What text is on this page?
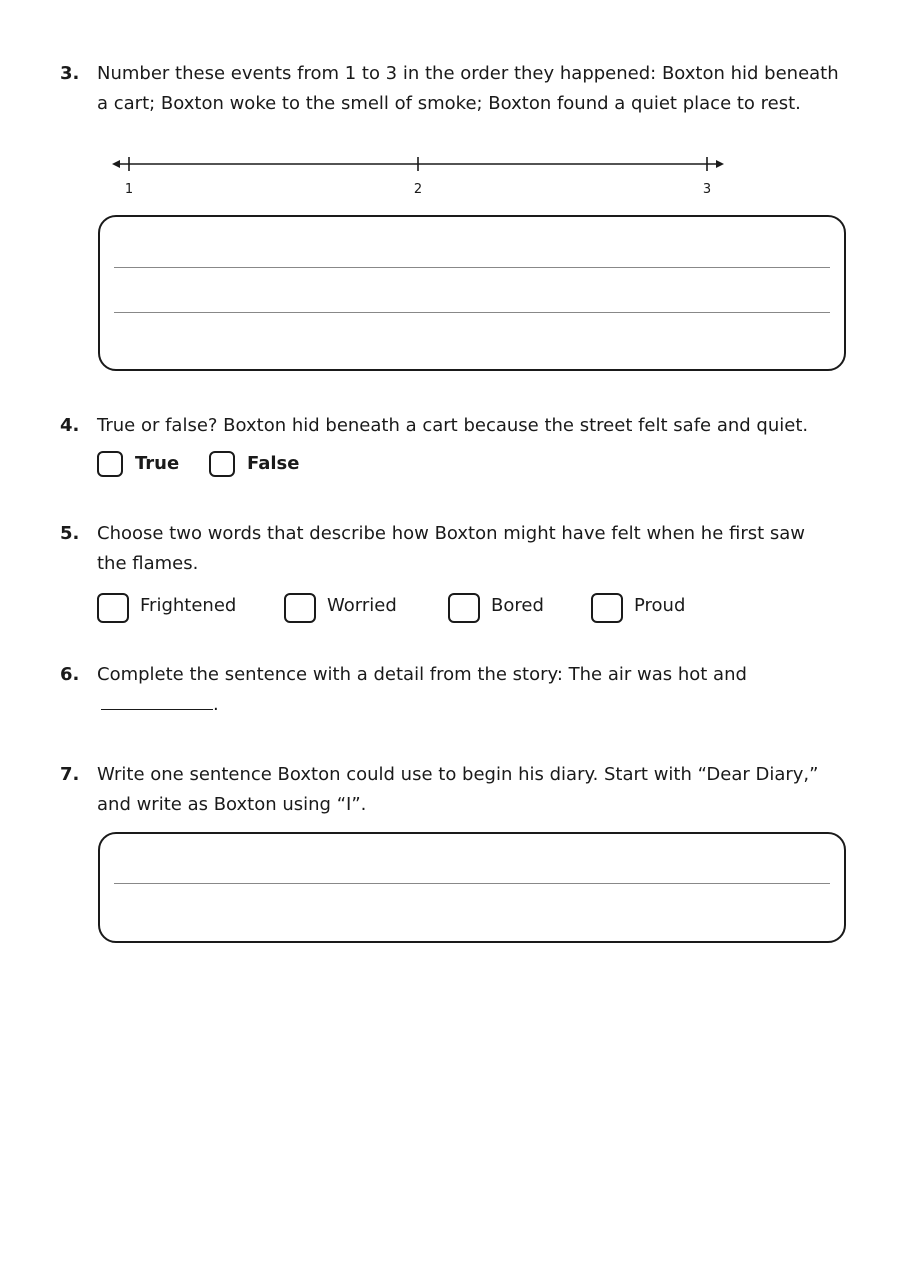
3. Number these events from 1 to 3 in the order they happened: Boxton hid beneath
a cart; Boxton woke to the smell of smoke; Boxton found a quiet place to rest.
1	2	3
4. True or false? Boxton hid beneath a cart because the street felt safe and quiet.
True	False
5. Choose two words that describe how Boxton might have felt when he first saw
the flames.
Frightened	Worried	Bored	Proud
6. Complete the sentence with a detail from the story: The air was hot and
.
7. Write one sentence Boxton could use to begin his diary. Start with “Dear Diary,”
and write as Boxton using “I”.
